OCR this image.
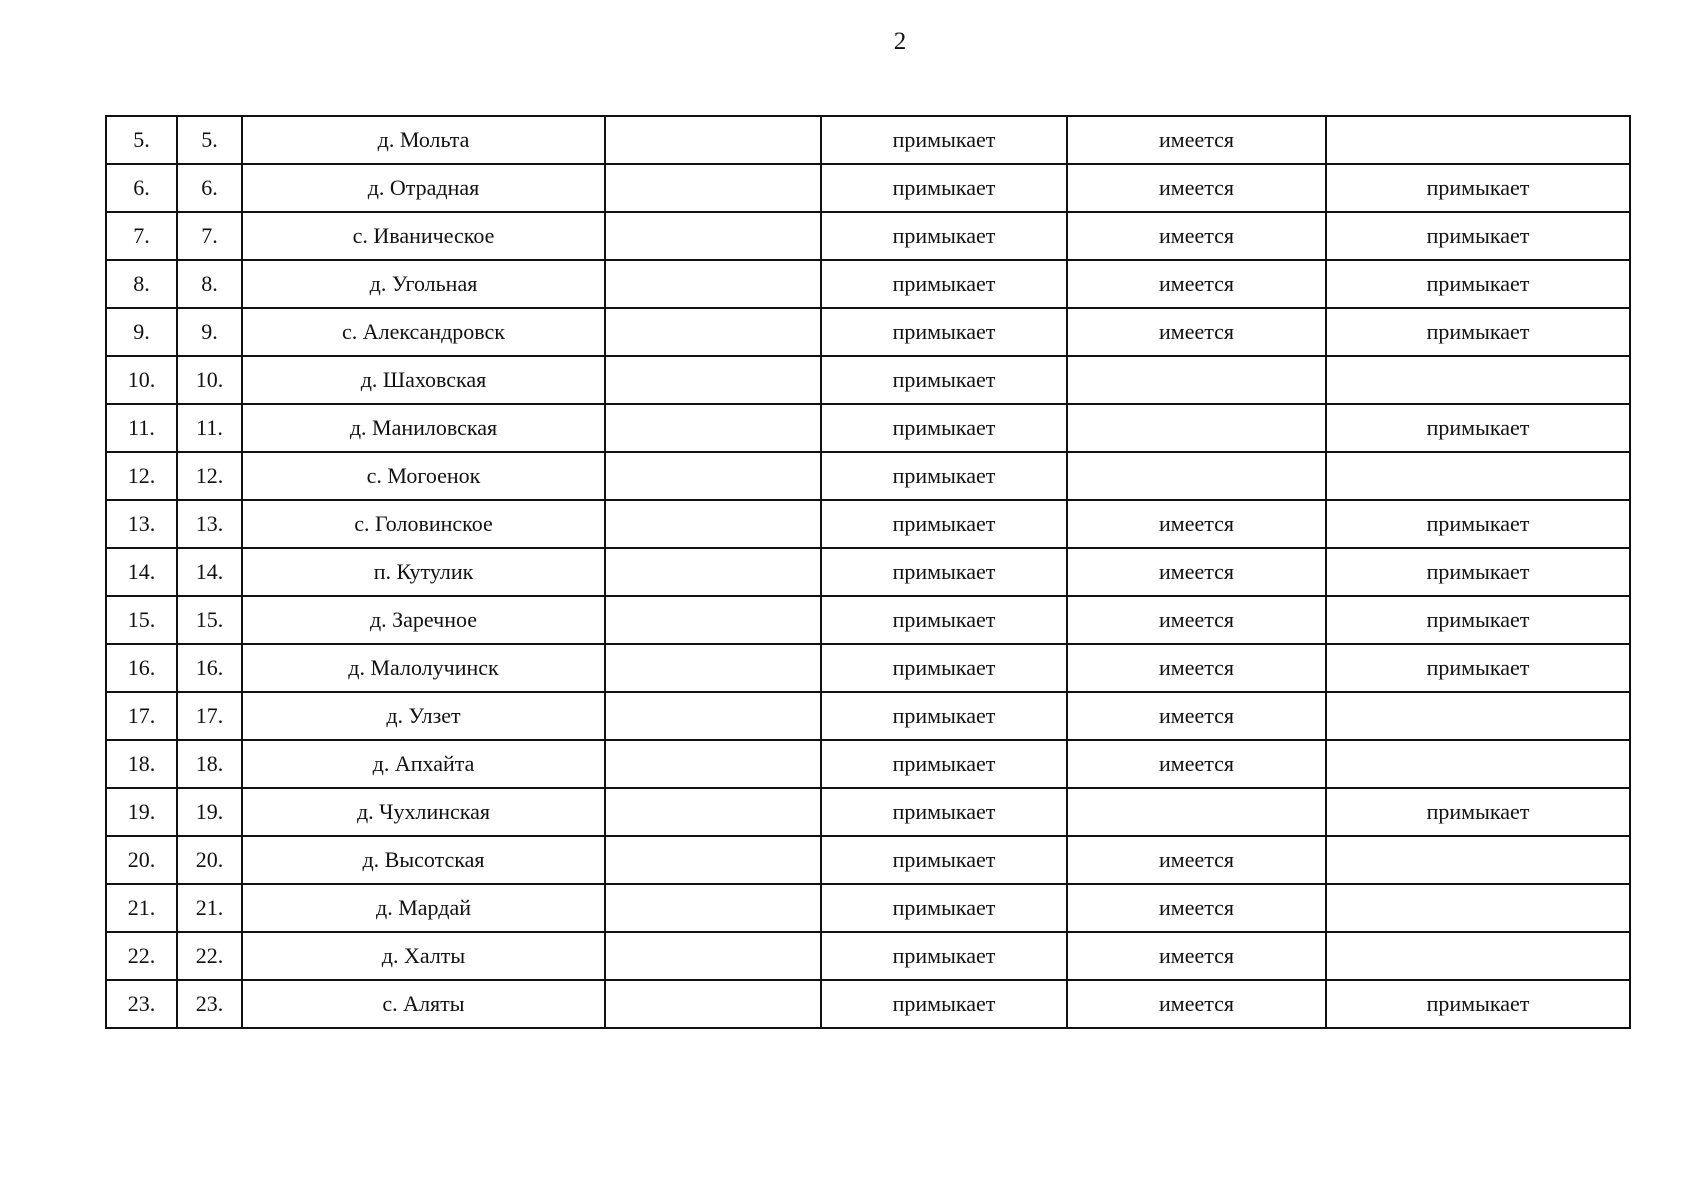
2
5.	5.	д. Мольта		примыкает	имеется	
6.	6.	д. Отрадная		примыкает	имеется	примыкает
7.	7.	с. Иваническое		примыкает	имеется	примыкает
8.	8.	д. Угольная		примыкает	имеется	примыкает
9.	9.	с. Александровск		примыкает	имеется	примыкает
10.	10.	д. Шаховская		примыкает		
11.	11.	д. Маниловская		примыкает		примыкает
12.	12.	с. Могоенок		примыкает		
13.	13.	с. Головинское		примыкает	имеется	примыкает
14.	14.	п. Кутулик		примыкает	имеется	примыкает
15.	15.	д. Заречное		примыкает	имеется	примыкает
16.	16.	д. Малолучинск		примыкает	имеется	примыкает
17.	17.	д. Улзет		примыкает	имеется	
18.	18.	д. Апхайта		примыкает	имеется	
19.	19.	д. Чухлинская		примыкает		примыкает
20.	20.	д. Высотская		примыкает	имеется	
21.	21.	д. Мардай		примыкает	имеется	
22.	22.	д. Халты		примыкает	имеется	
23.	23.	с. Аляты		примыкает	имеется	примыкает
